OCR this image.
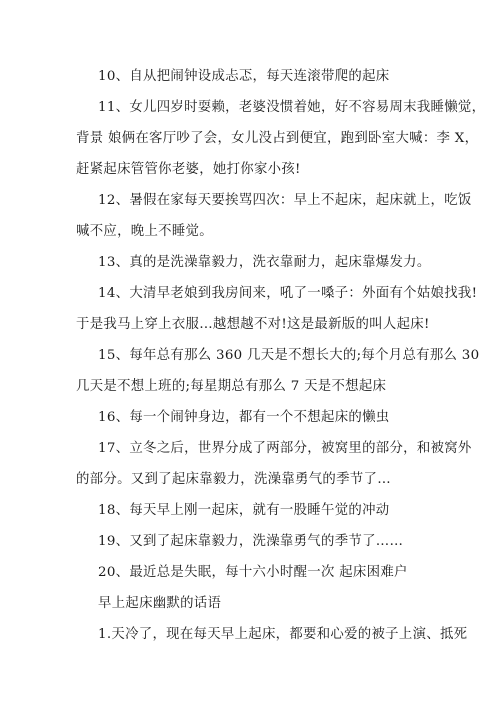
10、自从把闹钟设成忐忑，每天连滚带爬的起床
11、女儿四岁时耍赖，老婆没惯着她，好不容易周末我睡懒觉，
背景 娘俩在客厅吵了会，女儿没占到便宜，跑到卧室大喊：李 X，
赶紧起床管管你老婆，她打你家小孩!
12、暑假在家每天要挨骂四次：早上不起床，起床就上，吃饭
喊不应，晚上不睡觉。
13、真的是洗澡靠毅力，洗衣靠耐力，起床靠爆发力。
14、大清早老娘到我房间来，吼了一嗓子：外面有个姑娘找我!
于是我马上穿上衣服…越想越不对!这是最新版的叫人起床!
15、每年总有那么 360 几天是不想长大的;每个月总有那么 30
几天是不想上班的;每星期总有那么 7 天是不想起床
16、每一个闹钟身边，都有一个不想起床的懒虫
17、立冬之后，世界分成了两部分，被窝里的部分，和被窝外
的部分。又到了起床靠毅力，洗澡靠勇气的季节了…
18、每天早上刚一起床，就有一股睡午觉的冲动
19、又到了起床靠毅力，洗澡靠勇气的季节了……
20、最近总是失眠，每十六小时醒一次 起床困难户
早上起床幽默的话语
1.天冷了，现在每天早上起床，都要和心爱的被子上演、抵死
